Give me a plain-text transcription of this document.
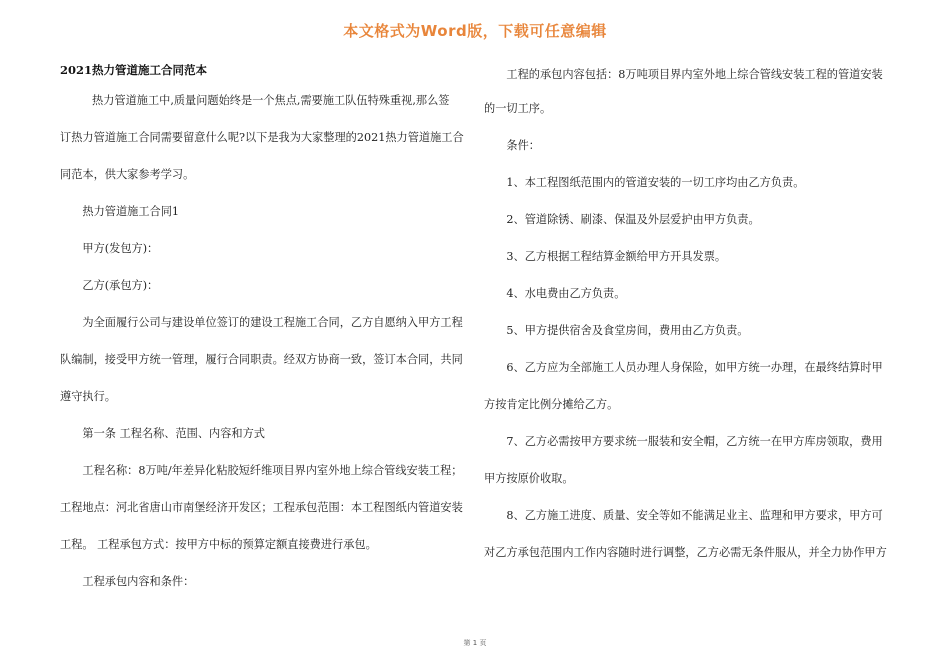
本文格式为Word版，下载可任意编辑
2021热力管道施工合同范本

热力管道施工中,质量问题始终是一个焦点,需要施工队伍特殊重视,那么签
订热力管道施工合同需要留意什么呢?以下是我为大家整理的2021热力管道施工合
同范本，供大家参考学习。

热力管道施工合同1

甲方(发包方)：

乙方(承包方)：

为全面履行公司与建设单位签订的建设工程施工合同，乙方自愿纳入甲方工程

队编制，接受甲方统一管理，履行合同职责。经双方协商一致，签订本合同，共同

遵守执行。

第一条 工程名称、范围、内容和方式

工程名称：8万吨/年差异化粘胶短纤维项目界内室外地上综合管线安装工程；

工程地点：河北省唐山市南堡经济开发区；工程承包范围：本工程图纸内管道安装

工程。 工程承包方式：按甲方中标的预算定额直接费进行承包。

工程承包内容和条件：

工程的承包内容包括：8万吨项目界内室外地上综合管线安装工程的管道安装

的一切工序。

条件：

1、本工程图纸范围内的管道安装的一切工序均由乙方负责。

2、管道除锈、刷漆、保温及外层爱护由甲方负责。

3、乙方根据工程结算金额给甲方开具发票。

4、水电费由乙方负责。

5、甲方提供宿舍及食堂房间，费用由乙方负责。

6、乙方应为全部施工人员办理人身保险，如甲方统一办理，在最终结算时甲

方按肯定比例分摊给乙方。

7、乙方必需按甲方要求统一服装和安全帽，乙方统一在甲方库房领取，费用

甲方按原价收取。

8、乙方施工进度、质量、安全等如不能满足业主、监理和甲方要求，甲方可

对乙方承包范围内工作内容随时进行调整，乙方必需无条件服从，并全力协作甲方

第 1 页
